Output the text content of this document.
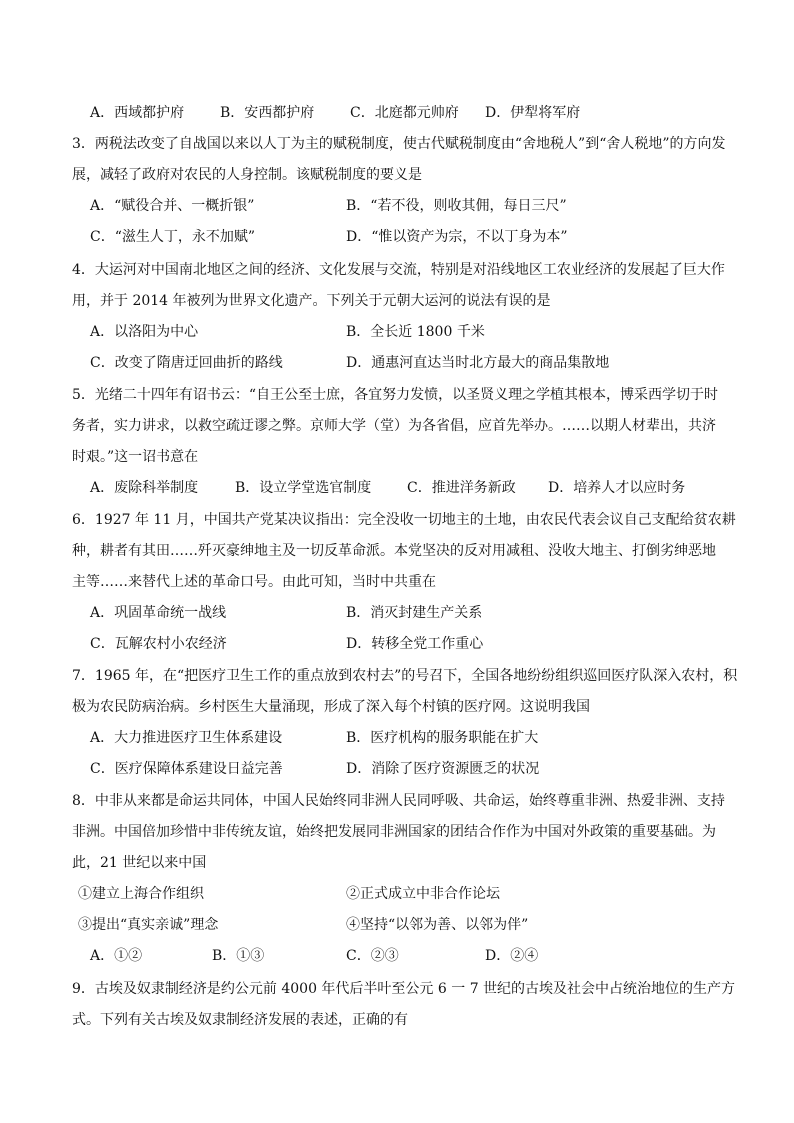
A．西域都护府	B．安西都护府	C．北庭都元帅府 D．伊犁将军府
3．两税法改变了自战国以来以人丁为主的赋税制度，使古代赋税制度由“舍地税人”到“舍人税地”的方向发
展，减轻了政府对农民的人身控制。该赋税制度的要义是
A．“赋役合并、一概折银”	B．“若不役，则收其佣，每日三尺”
C．“滋生人丁，永不加赋”	D．“惟以资产为宗，不以丁身为本”
4．大运河对中国南北地区之间的经济、文化发展与交流，特别是对沿线地区工农业经济的发展起了巨大作
用，并于 2014 年被列为世界文化遗产。下列关于元朝大运河的说法有误的是
A．以洛阳为中心	B．全长近 1800 千米
C．改变了隋唐迂回曲折的路线	D．通惠河直达当时北方最大的商品集散地
5．光绪二十四年有诏书云：“自王公至士庶，各宜努力发愤，以圣贤义理之学植其根本，博采西学切于时
务者，实力讲求，以救空疏迂谬之弊。京师大学（堂）为各省倡，应首先举办。……以期人材辈出，共济
时艰。”这一诏书意在
A．废除科举制度	B．设立学堂选官制度	C．推进洋务新政 D．培养人才以应时务
6．1927 年 11 月，中国共产党某决议指出：完全没收一切地主的土地，由农民代表会议自己支配给贫农耕
种，耕者有其田……歼灭豪绅地主及一切反革命派。本党坚决的反对用减租、没收大地主、打倒劣绅恶地
主等……来替代上述的革命口号。由此可知，当时中共重在
A．巩固革命统一战线	B．消灭封建生产关系
C．瓦解农村小农经济	D．转移全党工作重心
7．1965 年，在“把医疗卫生工作的重点放到农村去”的号召下，全国各地纷纷组织巡回医疗队深入农村，积
极为农民防病治病。乡村医生大量涌现，形成了深入每个村镇的医疗网。这说明我国
A．大力推进医疗卫生体系建设	B．医疗机构的服务职能在扩大
C．医疗保障体系建设日益完善	D．消除了医疗资源匮乏的状况
8．中非从来都是命运共同体，中国人民始终同非洲人民同呼吸、共命运，始终尊重非洲、热爱非洲、支持
非洲。中国倍加珍惜中非传统友谊，始终把发展同非洲国家的团结合作作为中国对外政策的重要基础。为
此，21 世纪以来中国
①建立上海合作组织	②正式成立中非合作论坛
③提出“真实亲诚”理念	④坚持“以邻为善、以邻为伴”
A．①②	B．①③	C．②③	D．②④
9．古埃及奴隶制经济是约公元前 4000 年代后半叶至公元 6 一 7 世纪的古埃及社会中占统治地位的生产方
式。下列有关古埃及奴隶制经济发展的表述，正确的有
